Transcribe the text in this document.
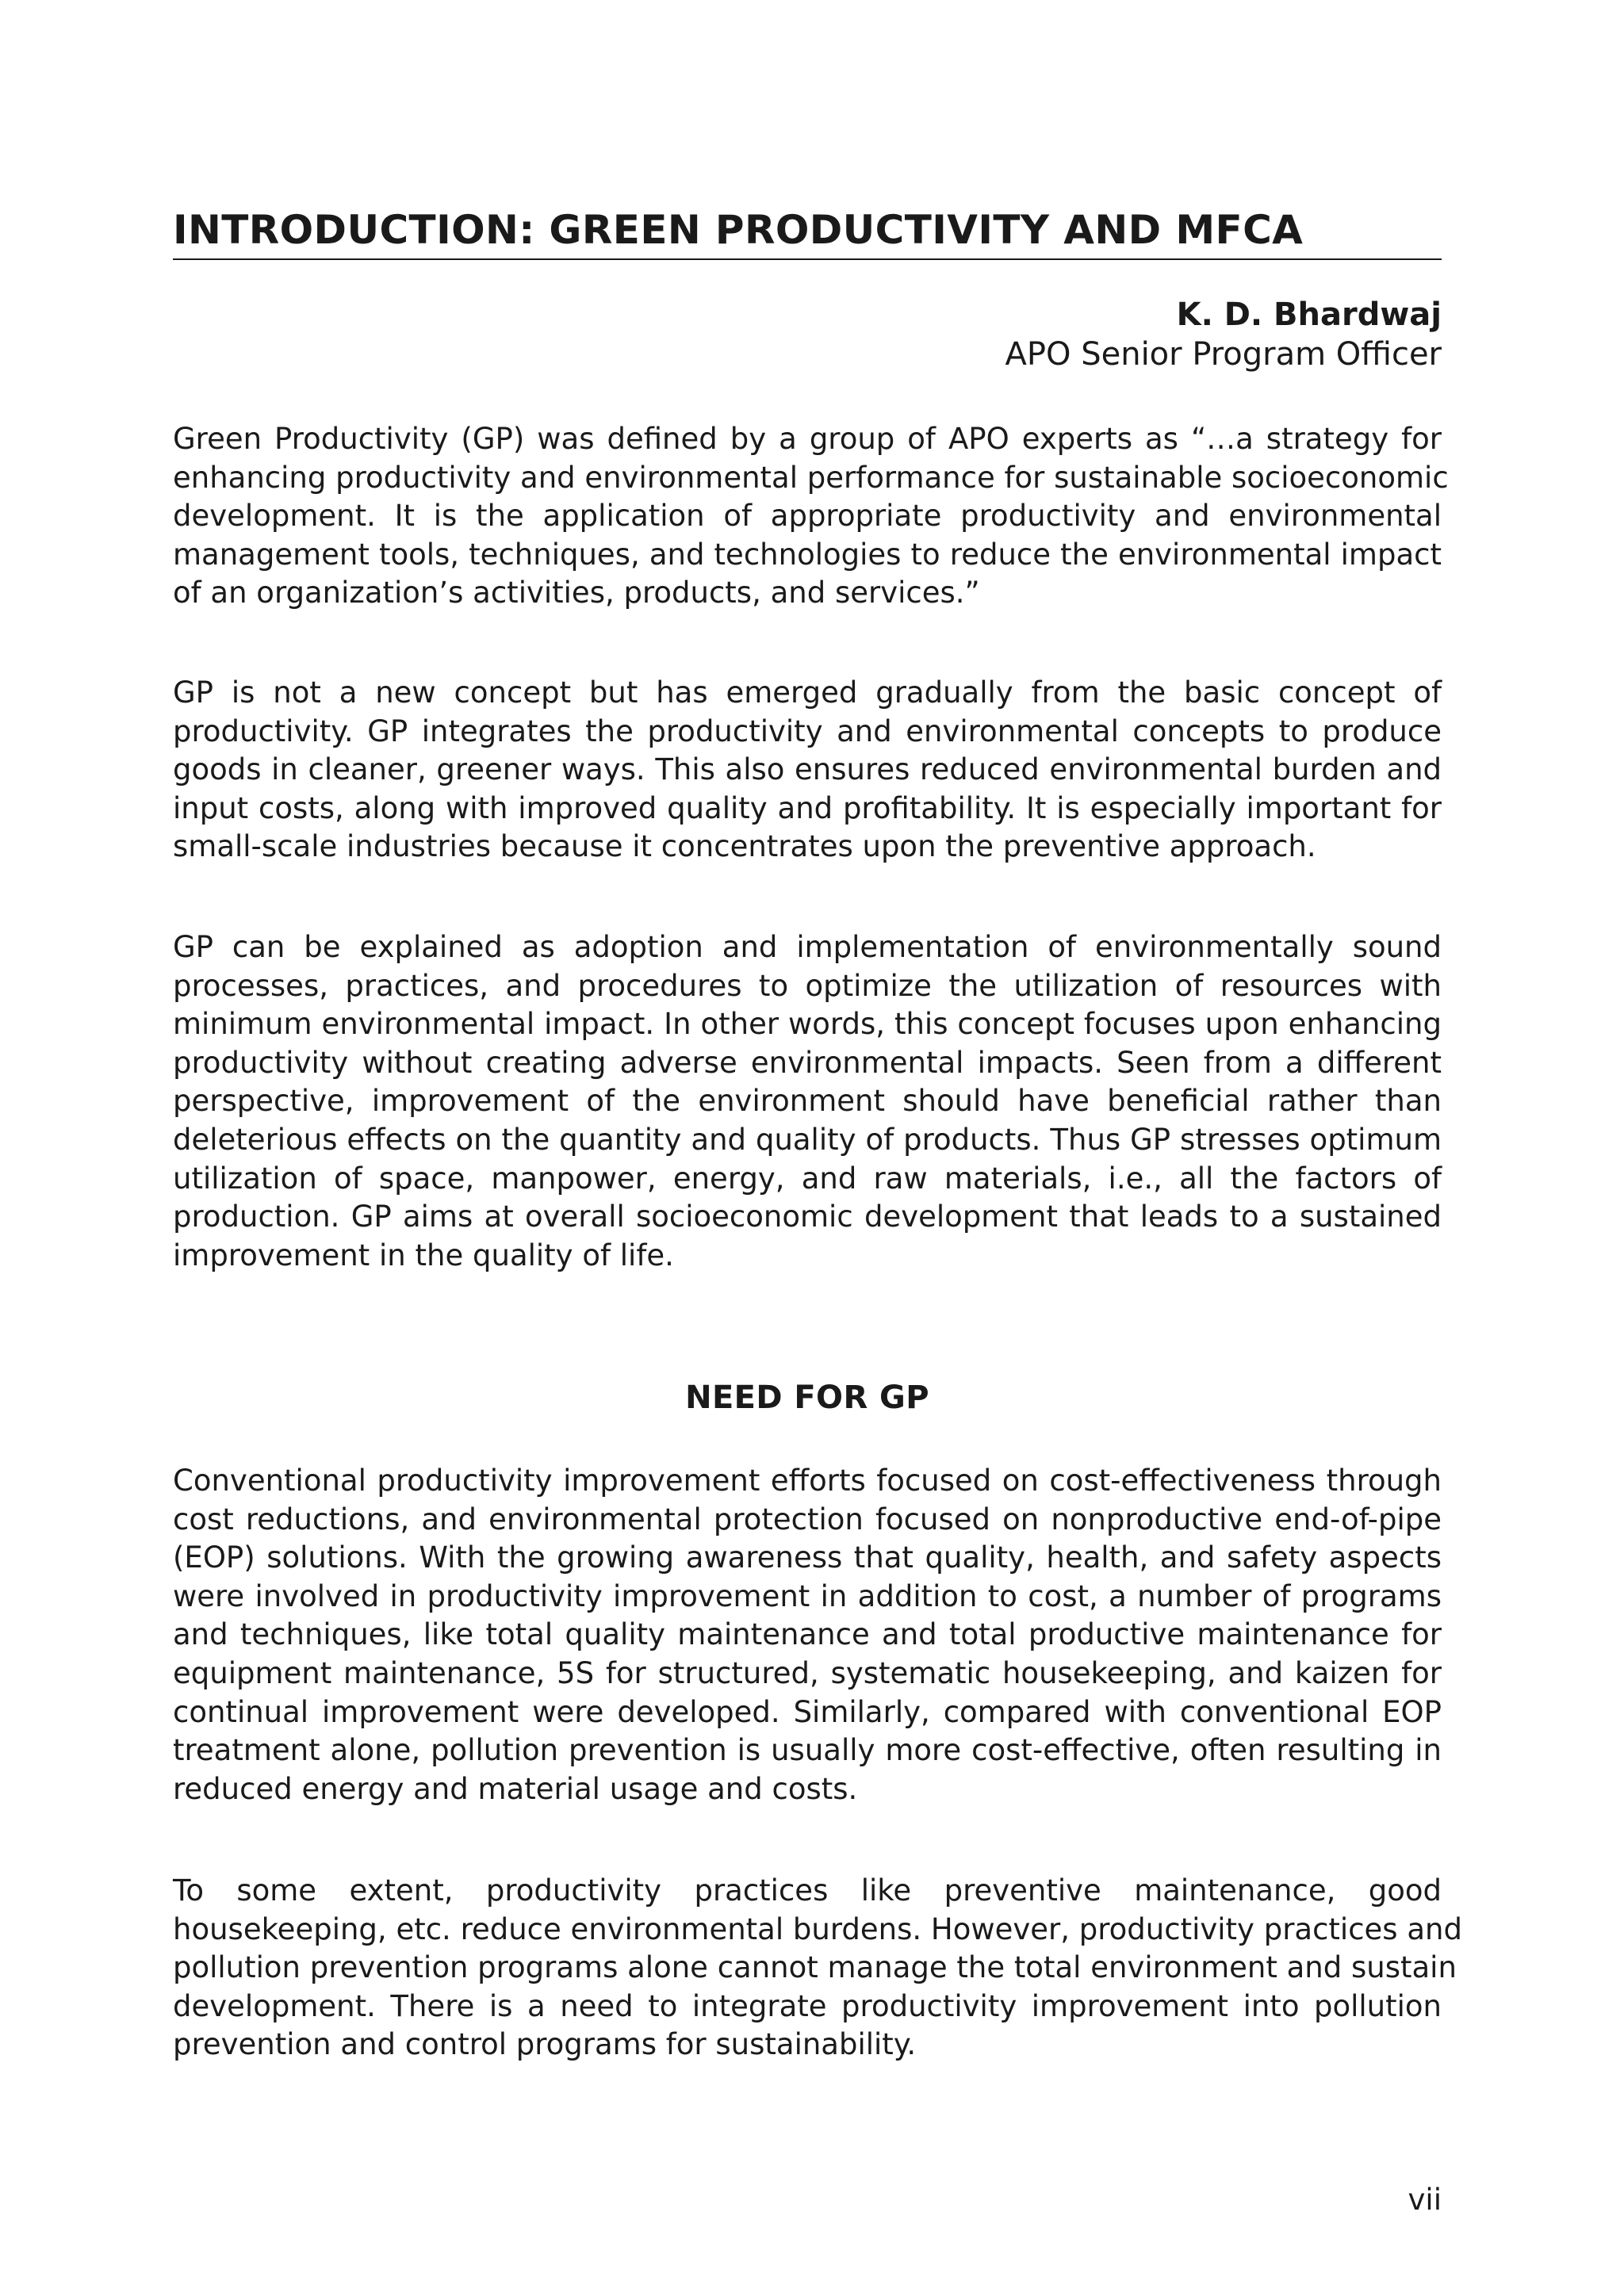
INTRODUCTION: GREEN PRODUCTIVITY AND MFCA
K. D. Bhardwaj
APO Senior Program Officer
Green Productivity (GP) was defined by a group of APO experts as “…a strategy for
enhancing productivity and environmental performance for sustainable socioeconomic
development. It is the application of appropriate productivity and environmental
management tools, techniques, and technologies to reduce the environmental impact
of an organization’s activities, products, and services.”
GP is not a new concept but has emerged gradually from the basic concept of
productivity. GP integrates the productivity and environmental concepts to produce
goods in cleaner, greener ways. This also ensures reduced environmental burden and
input costs, along with improved quality and profitability. It is especially important for
small-scale industries because it concentrates upon the preventive approach.
GP can be explained as adoption and implementation of environmentally sound
processes, practices, and procedures to optimize the utilization of resources with
minimum environmental impact. In other words, this concept focuses upon enhancing
productivity without creating adverse environmental impacts. Seen from a different
perspective, improvement of the environment should have beneficial rather than
deleterious effects on the quantity and quality of products. Thus GP stresses optimum
utilization of space, manpower, energy, and raw materials, i.e., all the factors of
production. GP aims at overall socioeconomic development that leads to a sustained
improvement in the quality of life.
NEED FOR GP
Conventional productivity improvement efforts focused on cost-effectiveness through
cost reductions, and environmental protection focused on nonproductive end-of-pipe
(EOP) solutions. With the growing awareness that quality, health, and safety aspects
were involved in productivity improvement in addition to cost, a number of programs
and techniques, like total quality maintenance and total productive maintenance for
equipment maintenance, 5S for structured, systematic housekeeping, and kaizen for
continual improvement were developed. Similarly, compared with conventional EOP
treatment alone, pollution prevention is usually more cost-effective, often resulting in
reduced energy and material usage and costs.
To some extent, productivity practices like preventive maintenance, good
housekeeping, etc. reduce environmental burdens. However, productivity practices and
pollution prevention programs alone cannot manage the total environment and sustain
development. There is a need to integrate productivity improvement into pollution
prevention and control programs for sustainability.
vii
